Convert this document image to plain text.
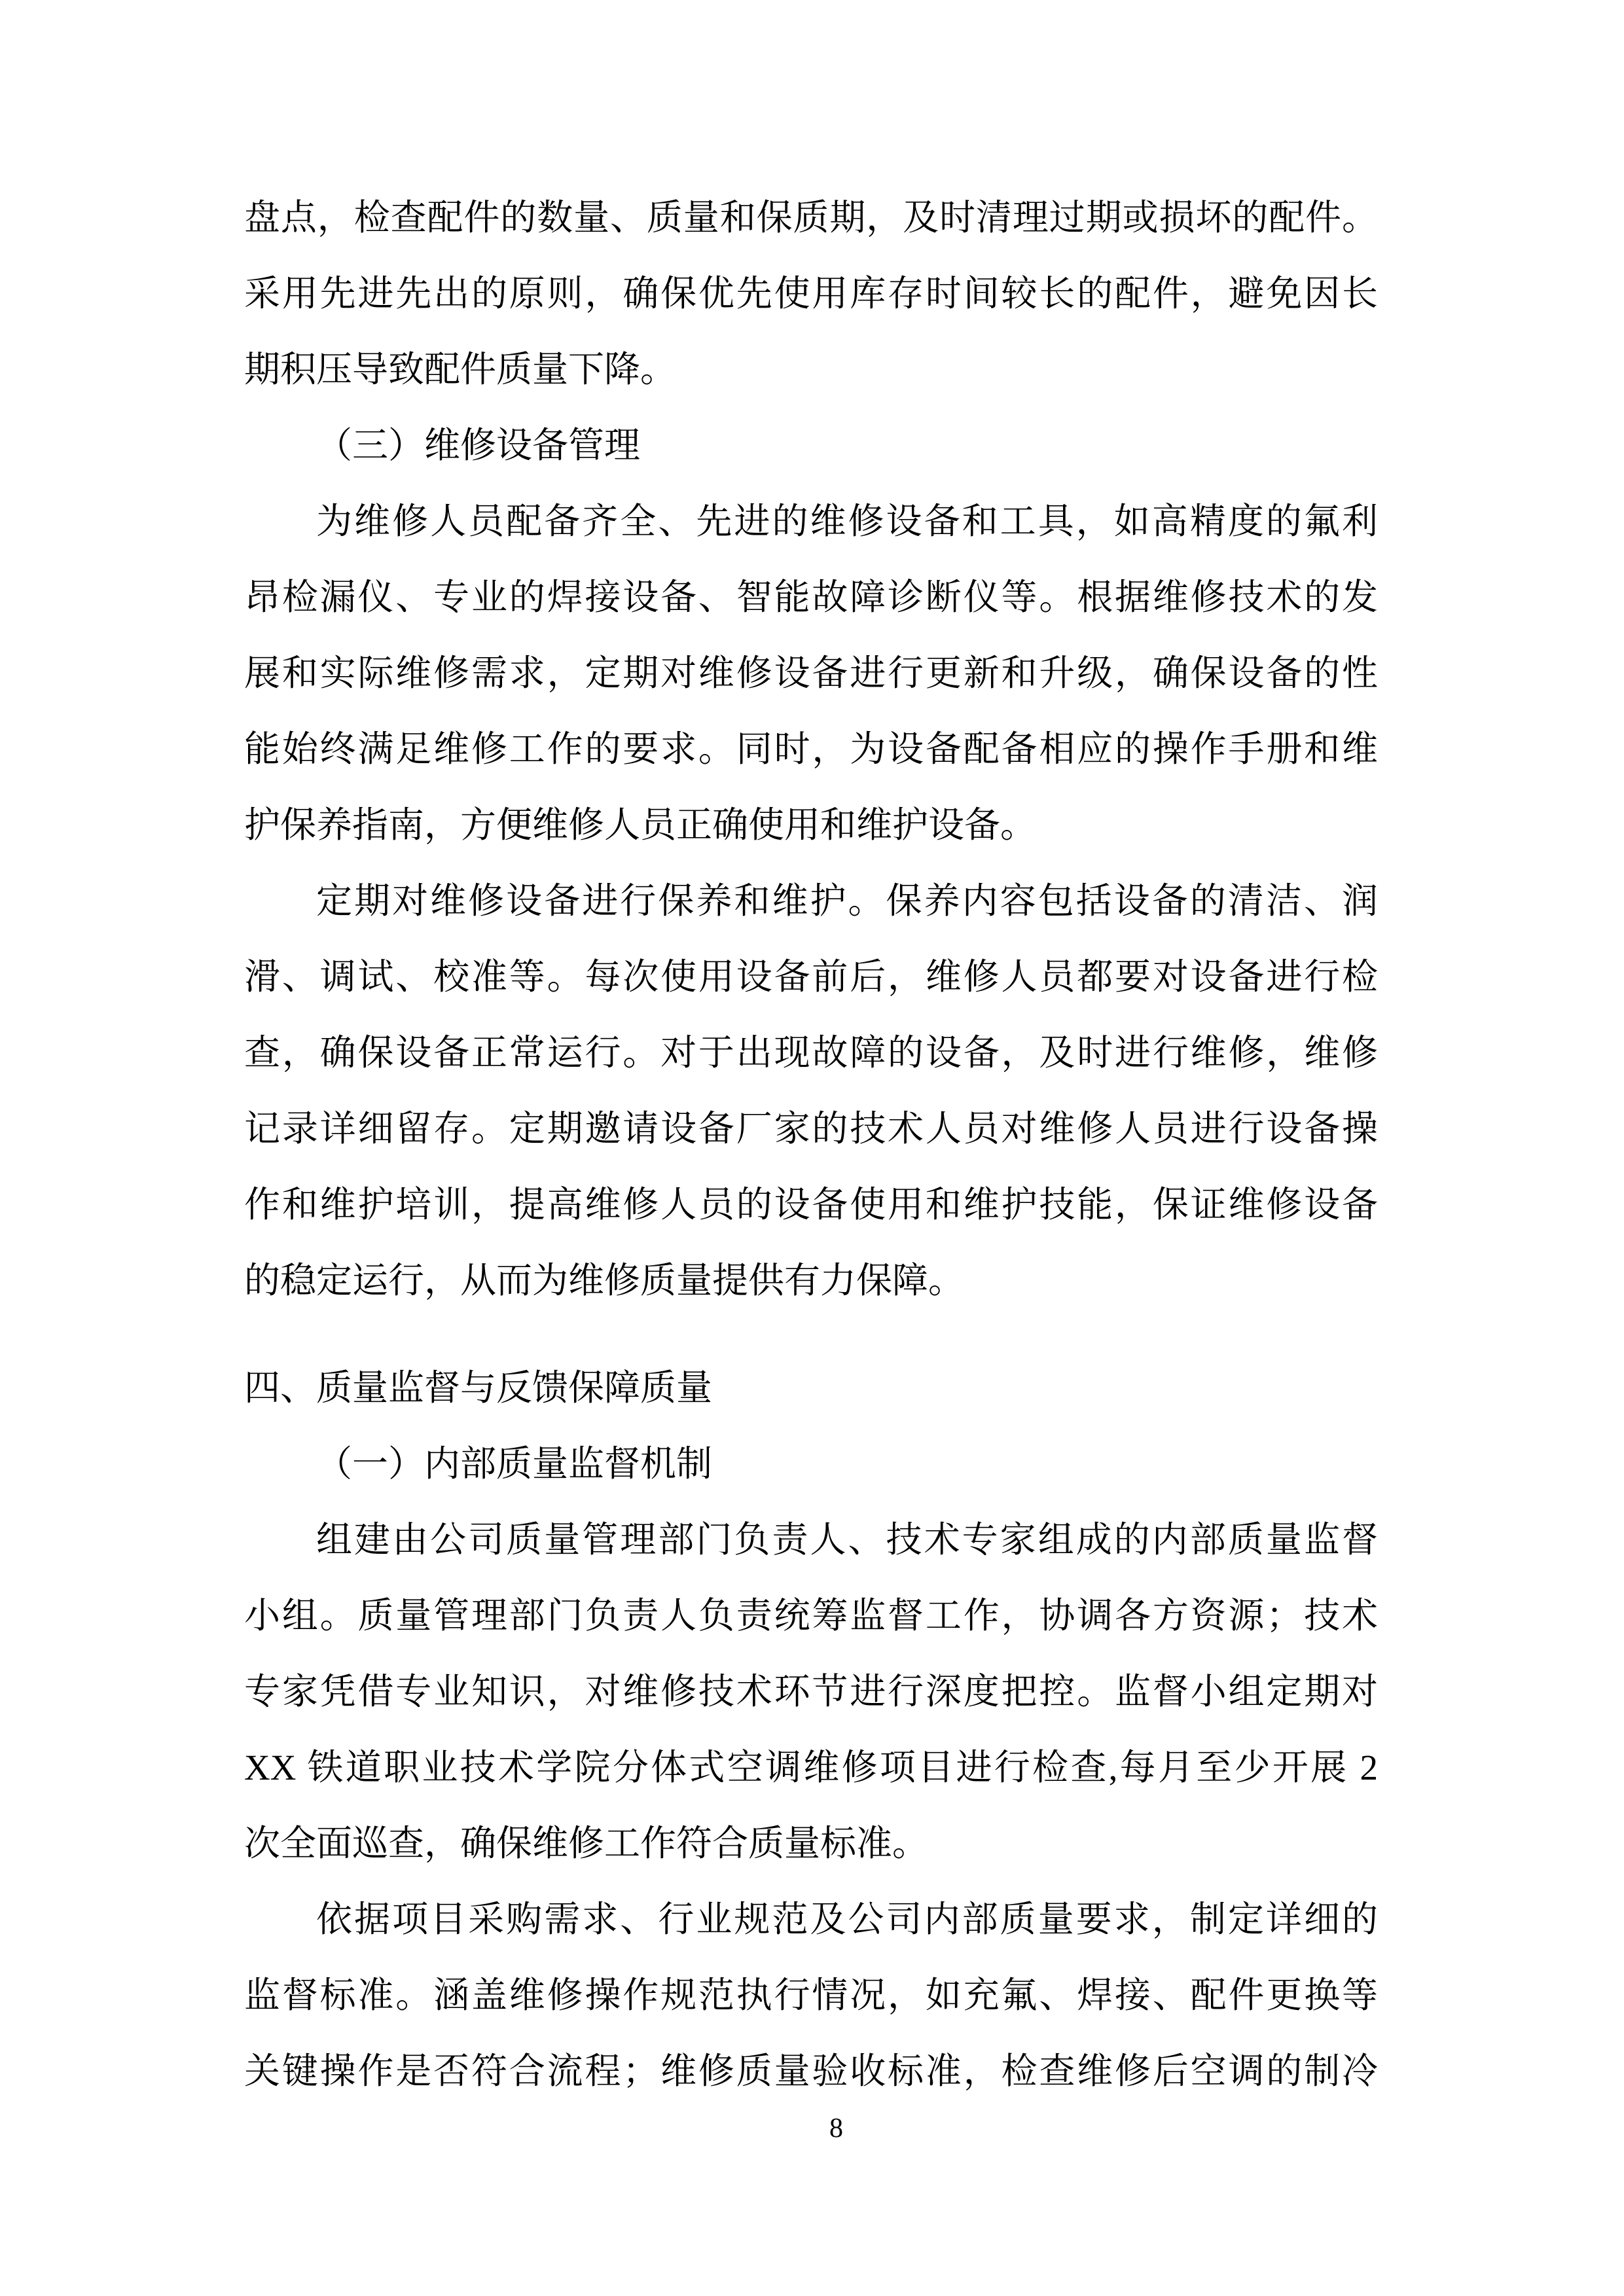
盘点，检查配件的数量、质量和保质期，及时清理过期或损坏的配件。
采用先进先出的原则，确保优先使用库存时间较长的配件，避免因长
期积压导致配件质量下降。
（三）维修设备管理
为维修人员配备齐全、先进的维修设备和工具，如高精度的氟利
昂检漏仪、专业的焊接设备、智能故障诊断仪等。根据维修技术的发
展和实际维修需求，定期对维修设备进行更新和升级，确保设备的性
能始终满足维修工作的要求。同时，为设备配备相应的操作手册和维
护保养指南，方便维修人员正确使用和维护设备。
定期对维修设备进行保养和维护。保养内容包括设备的清洁、润
滑、调试、校准等。每次使用设备前后，维修人员都要对设备进行检
查，确保设备正常运行。对于出现故障的设备，及时进行维修，维修
记录详细留存。定期邀请设备厂家的技术人员对维修人员进行设备操
作和维护培训，提高维修人员的设备使用和维护技能，保证维修设备
的稳定运行，从而为维修质量提供有力保障。
四、质量监督与反馈保障质量
（一）内部质量监督机制
组建由公司质量管理部门负责人、技术专家组成的内部质量监督
小组。质量管理部门负责人负责统筹监督工作，协调各方资源；技术
专家凭借专业知识，对维修技术环节进行深度把控。监督小组定期对
XX 铁道职业技术学院分体式空调维修项目进行检查,每月至少开展 2
次全面巡查，确保维修工作符合质量标准。
依据项目采购需求、行业规范及公司内部质量要求，制定详细的
监督标准。涵盖维修操作规范执行情况，如充氟、焊接、配件更换等
关键操作是否符合流程；维修质量验收标准，检查维修后空调的制冷
8
